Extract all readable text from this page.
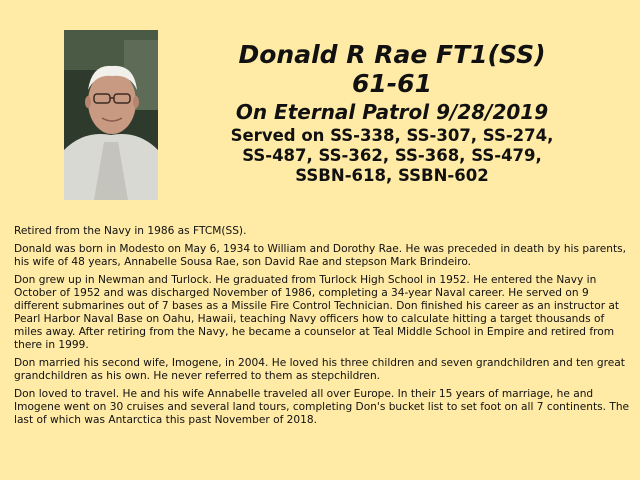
Donald R Rae FT1(SS)
61-61
On Eternal Patrol 9/28/2019
Served on SS-338, SS-307, SS-274,
SS-487, SS-362, SS-368, SS-479,
SSBN-618, SSBN-602

Retired from the Navy in 1986 as FTCM(SS).

Donald was born in Modesto on May 6, 1934 to William and Dorothy Rae. He was preceded in death by his parents, his wife of 48 years, Annabelle Sousa Rae, son David Rae and stepson Mark Brindeiro.

Don grew up in Newman and Turlock. He graduated from Turlock High School in 1952. He entered the Navy in October of 1952 and was discharged November of 1986, completing a 34-year Naval career. He served on 9 different submarines out of 7 bases as a Missile Fire Control Technician. Don finished his career as an instructor at Pearl Harbor Naval Base on Oahu, Hawaii, teaching Navy officers how to calculate hitting a target thousands of miles away. After retiring from the Navy, he became a counselor at Teal Middle School in Empire and retired from there in 1999.

Don married his second wife, Imogene, in 2004. He loved his three children and seven grandchildren and ten great grandchildren as his own. He never referred to them as stepchildren.

Don loved to travel. He and his wife Annabelle traveled all over Europe. In their 15 years of marriage, he and Imogene went on 30 cruises and several land tours, completing Don's bucket list to set foot on all 7 continents. The last of which was Antarctica this past November of 2018.
